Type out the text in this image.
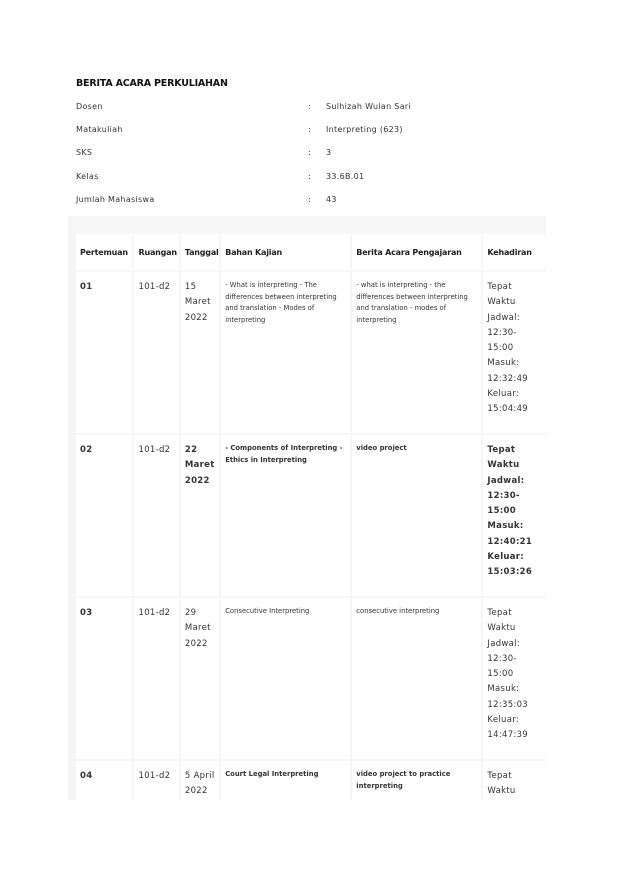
BERITA ACARA PERKULIAHAN
Dosen	: Sulhizah Wulan Sari
Matakuliah	: Interpreting (623)
SKS	: 3
Kelas	: 33.6B.01
Jumlah Mahasiswa	: 43
Pertemuan	Ruangan	Tanggal	Bahan Kajian	Berita Acara Pengajaran	Kehadiran
01	101-d2	15 Maret 2022	- What is interpreting - The differences between interpreting and translation - Modes of interpreting	- what is interpreting - the differences between interpreting and translation - modes of interpreting	Tepat Waktu Jadwal: 12:30-15:00 Masuk: 12:32:49 Keluar: 15:04:49
02	101-d2	22 Maret 2022	- Components of Interpreting - Ethics in Interpreting	video project	Tepat Waktu Jadwal: 12:30-15:00 Masuk: 12:40:21 Keluar: 15:03:26
03	101-d2	29 Maret 2022	Consecutive Interpreting	consecutive interpreting	Tepat Waktu Jadwal: 12:30-15:00 Masuk: 12:35:03 Keluar: 14:47:39
04	101-d2	5 April 2022	Court Legal Interpreting	video project to practice interpreting	Tepat Waktu
